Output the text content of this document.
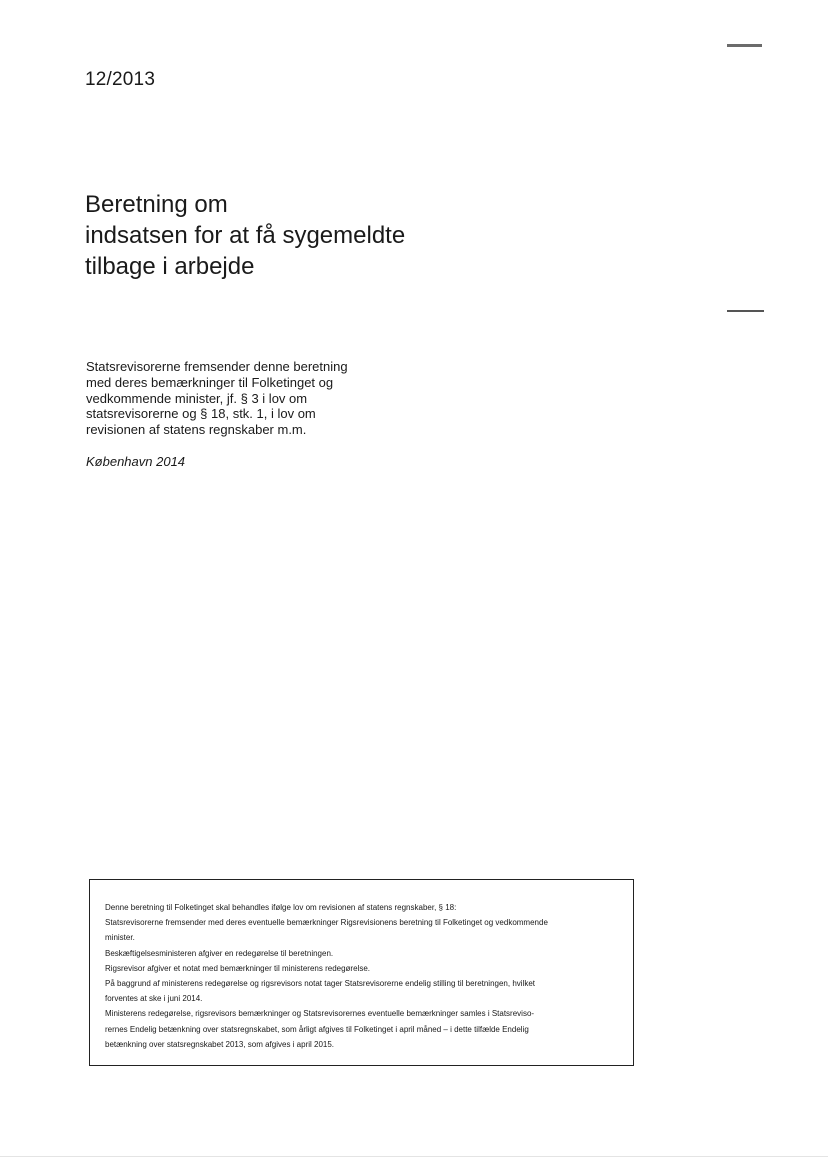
12/2013
Beretning om
indsatsen for at få sygemeldte
tilbage i arbejde
Statsrevisorerne fremsender denne beretning
med deres bemærkninger til Folketinget og
vedkommende minister, jf. § 3 i lov om
statsrevisorerne og § 18, stk. 1, i lov om
revisionen af statens regnskaber m.m.
København 2014
Denne beretning til Folketinget skal behandles ifølge lov om revisionen af statens regnskaber, § 18:
Statsrevisorerne fremsender med deres eventuelle bemærkninger Rigsrevisionens beretning til Folketinget og vedkommende
minister.
Beskæftigelsesministeren afgiver en redegørelse til beretningen.
Rigsrevisor afgiver et notat med bemærkninger til ministerens redegørelse.
På baggrund af ministerens redegørelse og rigsrevisors notat tager Statsrevisorerne endelig stilling til beretningen, hvilket
forventes at ske i juni 2014.
Ministerens redegørelse, rigsrevisors bemærkninger og Statsrevisorernes eventuelle bemærkninger samles i Statsreviso-
rernes Endelig betænkning over statsregnskabet, som årligt afgives til Folketinget i april måned – i dette tilfælde Endelig
betænkning over statsregnskabet 2013, som afgives i april 2015.
